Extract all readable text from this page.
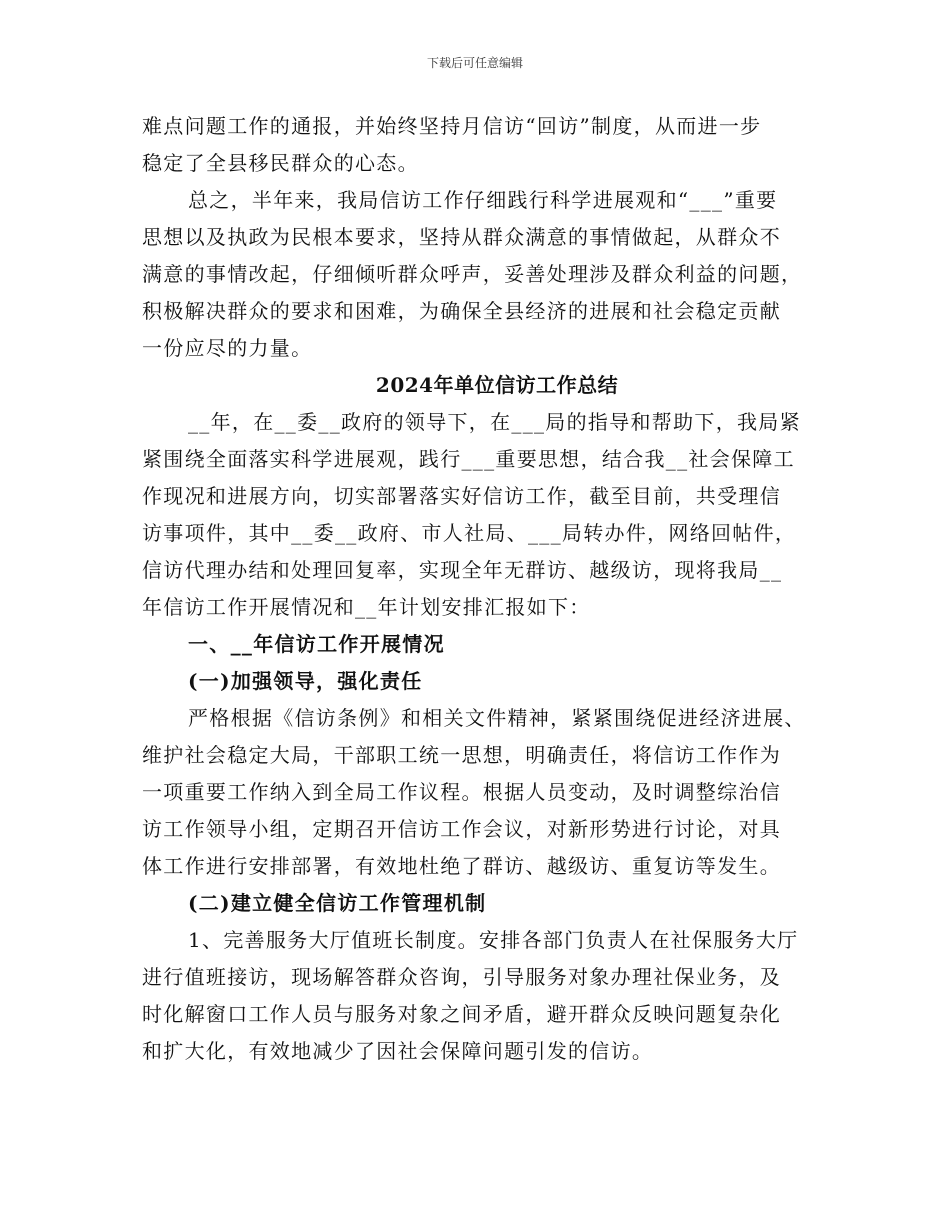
下载后可任意编辑
难点问题工作的通报，并始终坚持月信访“回访”制度，从而进一步
稳定了全县移民群众的心态。
总之，半年来，我局信访工作仔细践行科学进展观和“___”重要
思想以及执政为民根本要求，坚持从群众满意的事情做起，从群众不
满意的事情改起，仔细倾听群众呼声，妥善处理涉及群众利益的问题，
积极解决群众的要求和困难，为确保全县经济的进展和社会稳定贡献
一份应尽的力量。
2024年单位信访工作总结
__年，在__委__政府的领导下，在___局的指导和帮助下，我局紧
紧围绕全面落实科学进展观，践行___重要思想，结合我__社会保障工
作现况和进展方向，切实部署落实好信访工作，截至目前，共受理信
访事项件，其中__委__政府、市人社局、___局转办件，网络回帖件，
信访代理办结和处理回复率，实现全年无群访、越级访，现将我局__
年信访工作开展情况和__年计划安排汇报如下：
一、__年信访工作开展情况
(一)加强领导，强化责任
严格根据《信访条例》和相关文件精神，紧紧围绕促进经济进展、
维护社会稳定大局，干部职工统一思想，明确责任，将信访工作作为
一项重要工作纳入到全局工作议程。根据人员变动，及时调整综治信
访工作领导小组，定期召开信访工作会议，对新形势进行讨论，对具
体工作进行安排部署，有效地杜绝了群访、越级访、重复访等发生。
(二)建立健全信访工作管理机制
1、完善服务大厅值班长制度。安排各部门负责人在社保服务大厅
进行值班接访，现场解答群众咨询，引导服务对象办理社保业务，及
时化解窗口工作人员与服务对象之间矛盾，避开群众反映问题复杂化
和扩大化，有效地减少了因社会保障问题引发的信访。
